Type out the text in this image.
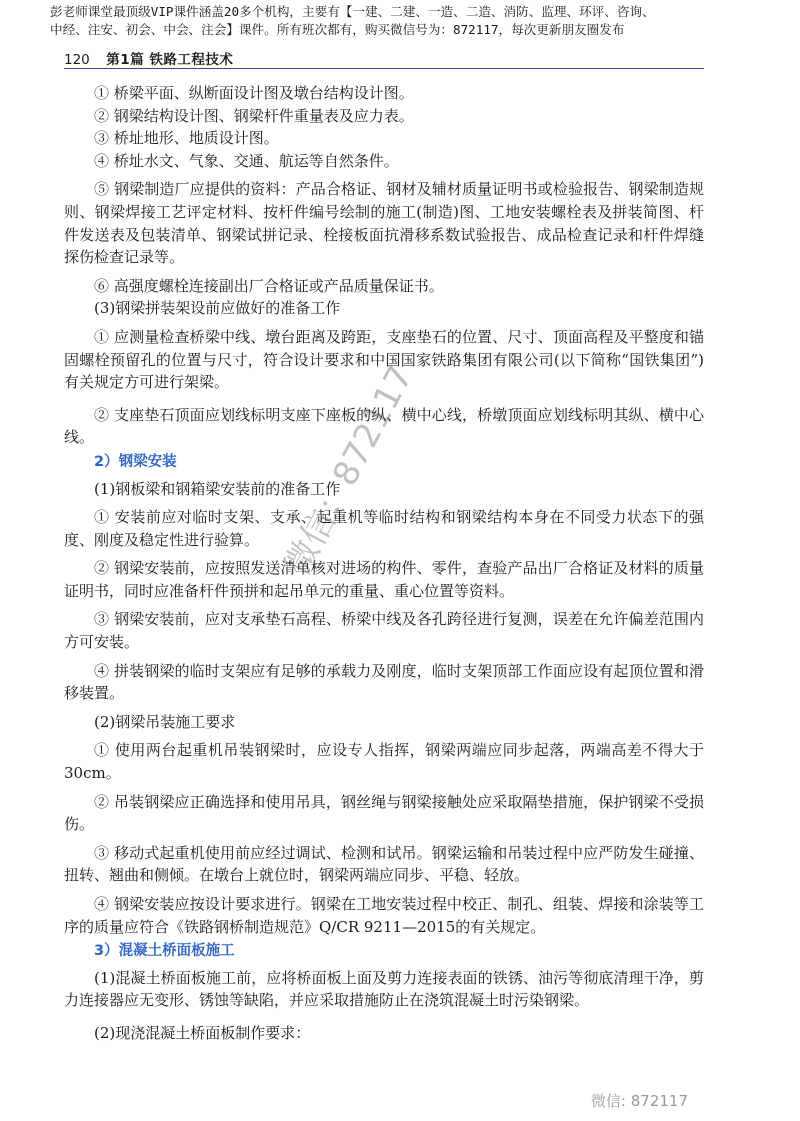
彭老师课堂最顶级VIP课件涵盖20多个机构，主要有【一建、二建、一造、二造、消防、监理、环评、咨询、
中经、注安、初会、中会、注会】课件。所有班次都有，购买微信号为：872117，每次更新朋友圈发布
120 第1篇 铁路工程技术

① 桥梁平面、纵断面设计图及墩台结构设计图。

② 钢梁结构设计图、钢梁杆件重量表及应力表。

③ 桥址地形、地质设计图。

④ 桥址水文、气象、交通、航运等自然条件。

⑤ 钢梁制造厂应提供的资料：产品合格证、钢材及辅材质量证明书或检验报告、钢梁制造规则、钢梁焊接工艺评定材料、按杆件编号绘制的施工(制造)图、工地安装螺栓表及拼装简图、杆件发送表及包装清单、钢梁试拼记录、栓接板面抗滑移系数试验报告、成品检查记录和杆件焊缝探伤检查记录等。

⑥ 高强度螺栓连接副出厂合格证或产品质量保证书。

(3)钢梁拼装架设前应做好的准备工作

① 应测量检查桥梁中线、墩台距离及跨距，支座垫石的位置、尺寸、顶面高程及平整度和锚固螺栓预留孔的位置与尺寸，符合设计要求和中国国家铁路集团有限公司(以下简称“国铁集团”)有关规定方可进行架梁。

② 支座垫石顶面应划线标明支座下座板的纵、横中心线，桥墩顶面应划线标明其纵、横中心线。

2）钢梁安装

(1)钢板梁和钢箱梁安装前的准备工作

① 安装前应对临时支架、支承、起重机等临时结构和钢梁结构本身在不同受力状态下的强度、刚度及稳定性进行验算。

② 钢梁安装前，应按照发送清单核对进场的构件、零件，查验产品出厂合格证及材料的质量证明书，同时应准备杆件预拼和起吊单元的重量、重心位置等资料。

③ 钢梁安装前，应对支承垫石高程、桥梁中线及各孔跨径进行复测，误差在允许偏差范围内方可安装。

④ 拼装钢梁的临时支架应有足够的承载力及刚度，临时支架顶部工作面应设有起顶位置和滑移装置。

(2)钢梁吊装施工要求

① 使用两台起重机吊装钢梁时，应设专人指挥，钢梁两端应同步起落，两端高差不得大于30cm。

② 吊装钢梁应正确选择和使用吊具，钢丝绳与钢梁接触处应采取隔垫措施，保护钢梁不受损伤。

③ 移动式起重机使用前应经过调试、检测和试吊。钢梁运输和吊装过程中应严防发生碰撞、扭转、翘曲和侧倾。在墩台上就位时，钢梁两端应同步、平稳、轻放。

④ 钢梁安装应按设计要求进行。钢梁在工地安装过程中校正、制孔、组装、焊接和涂装等工序的质量应符合《铁路钢桥制造规范》Q/CR 9211—2015的有关规定。

3）混凝土桥面板施工

(1)混凝土桥面板施工前，应将桥面板上面及剪力连接表面的铁锈、油污等彻底清理干净，剪力连接器应无变形、锈蚀等缺陷，并应采取措施防止在浇筑混凝土时污染钢梁。

(2)现浇混凝土桥面板制作要求：

微信：872117
微信: 872117
